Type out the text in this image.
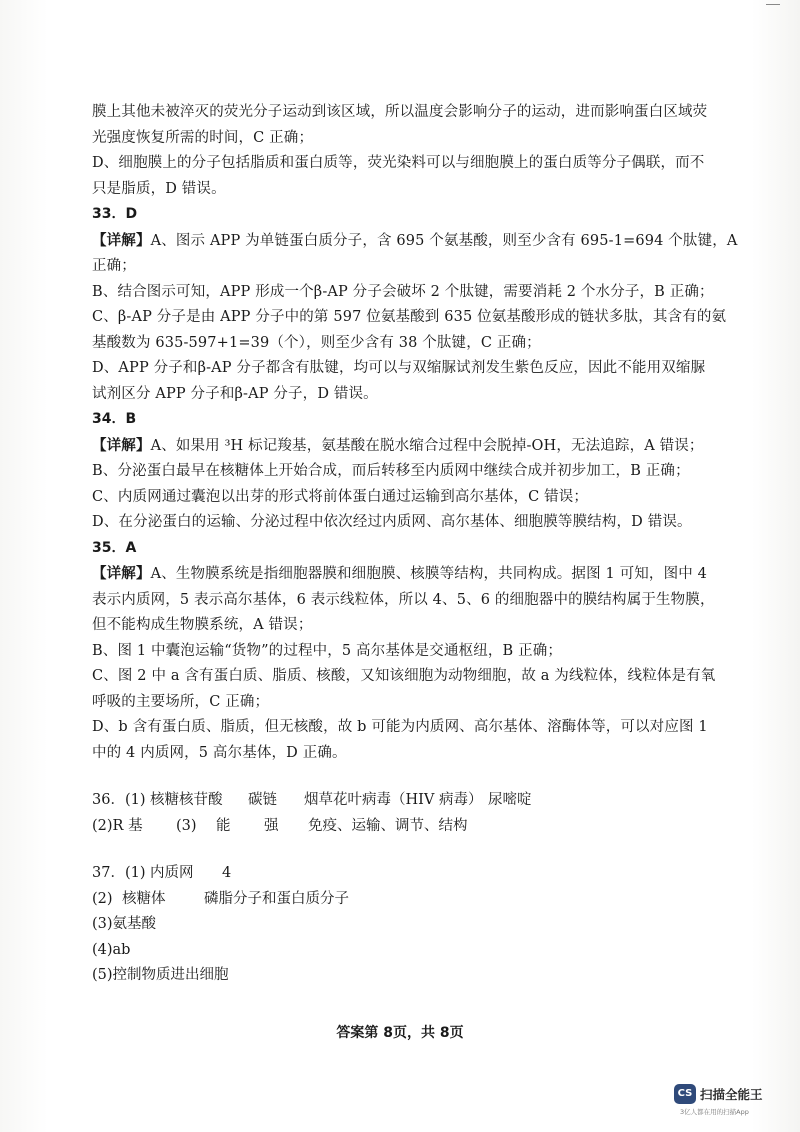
膜上其他未被淬灭的荧光分子运动到该区域，所以温度会影响分子的运动，进而影响蛋白区域荧
光强度恢复所需的时间，C 正确；
D、细胞膜上的分子包括脂质和蛋白质等，荧光染料可以与细胞膜上的蛋白质等分子偶联，而不
只是脂质，D 错误。
33．D
【详解】A、图示 APP 为单链蛋白质分子，含 695 个氨基酸，则至少含有 695-1=694 个肽键，A
正确；
B、结合图示可知，APP 形成一个β-AP 分子会破坏 2 个肽键，需要消耗 2 个水分子，B 正确；
C、β-AP 分子是由 APP 分子中的第 597 位氨基酸到 635 位氨基酸形成的链状多肽，其含有的氨
基酸数为 635-597+1=39（个），则至少含有 38 个肽键，C 正确；
D、APP 分子和β-AP 分子都含有肽键，均可以与双缩脲试剂发生紫色反应，因此不能用双缩脲
试剂区分 APP 分子和β-AP 分子，D 错误。
34．B
【详解】A、如果用 ³H 标记羧基，氨基酸在脱水缩合过程中会脱掉-OH，无法追踪，A 错误；
B、分泌蛋白最早在核糖体上开始合成，而后转移至内质网中继续合成并初步加工，B 正确；
C、内质网通过囊泡以出芽的形式将前体蛋白通过运输到高尔基体，C 错误；
D、在分泌蛋白的运输、分泌过程中依次经过内质网、高尔基体、细胞膜等膜结构，D 错误。
35．A
【详解】A、生物膜系统是指细胞器膜和细胞膜、核膜等结构，共同构成。据图 1 可知，图中 4
表示内质网，5 表示高尔基体，6 表示线粒体，所以 4、5、6 的细胞器中的膜结构属于生物膜，
但不能构成生物膜系统，A 错误；
B、图 1 中囊泡运输“货物”的过程中，5 高尔基体是交通枢纽，B 正确；
C、图 2 中 a 含有蛋白质、脂质、核酸，又知该细胞为动物细胞，故 a 为线粒体，线粒体是有氧
呼吸的主要场所，C 正确；
D、b 含有蛋白质、脂质，但无核酸，故 b 可能为内质网、高尔基体、溶酶体等，可以对应图 1
中的 4 内质网，5 高尔基体，D 正确。
36．(1) 核糖核苷酸	碳链	烟草花叶病毒（HIV 病毒） 尿嘧啶
(2)R 基	(3)	能	强	免疫、运输、调节、结构
37．(1) 内质网	4
(2) 核糖体	磷脂分子和蛋白质分子
(3)氨基酸
(4)ab
(5)控制物质进出细胞
答案第 8页，共 8页
CS 扫描全能王
3亿人都在用的扫描App
